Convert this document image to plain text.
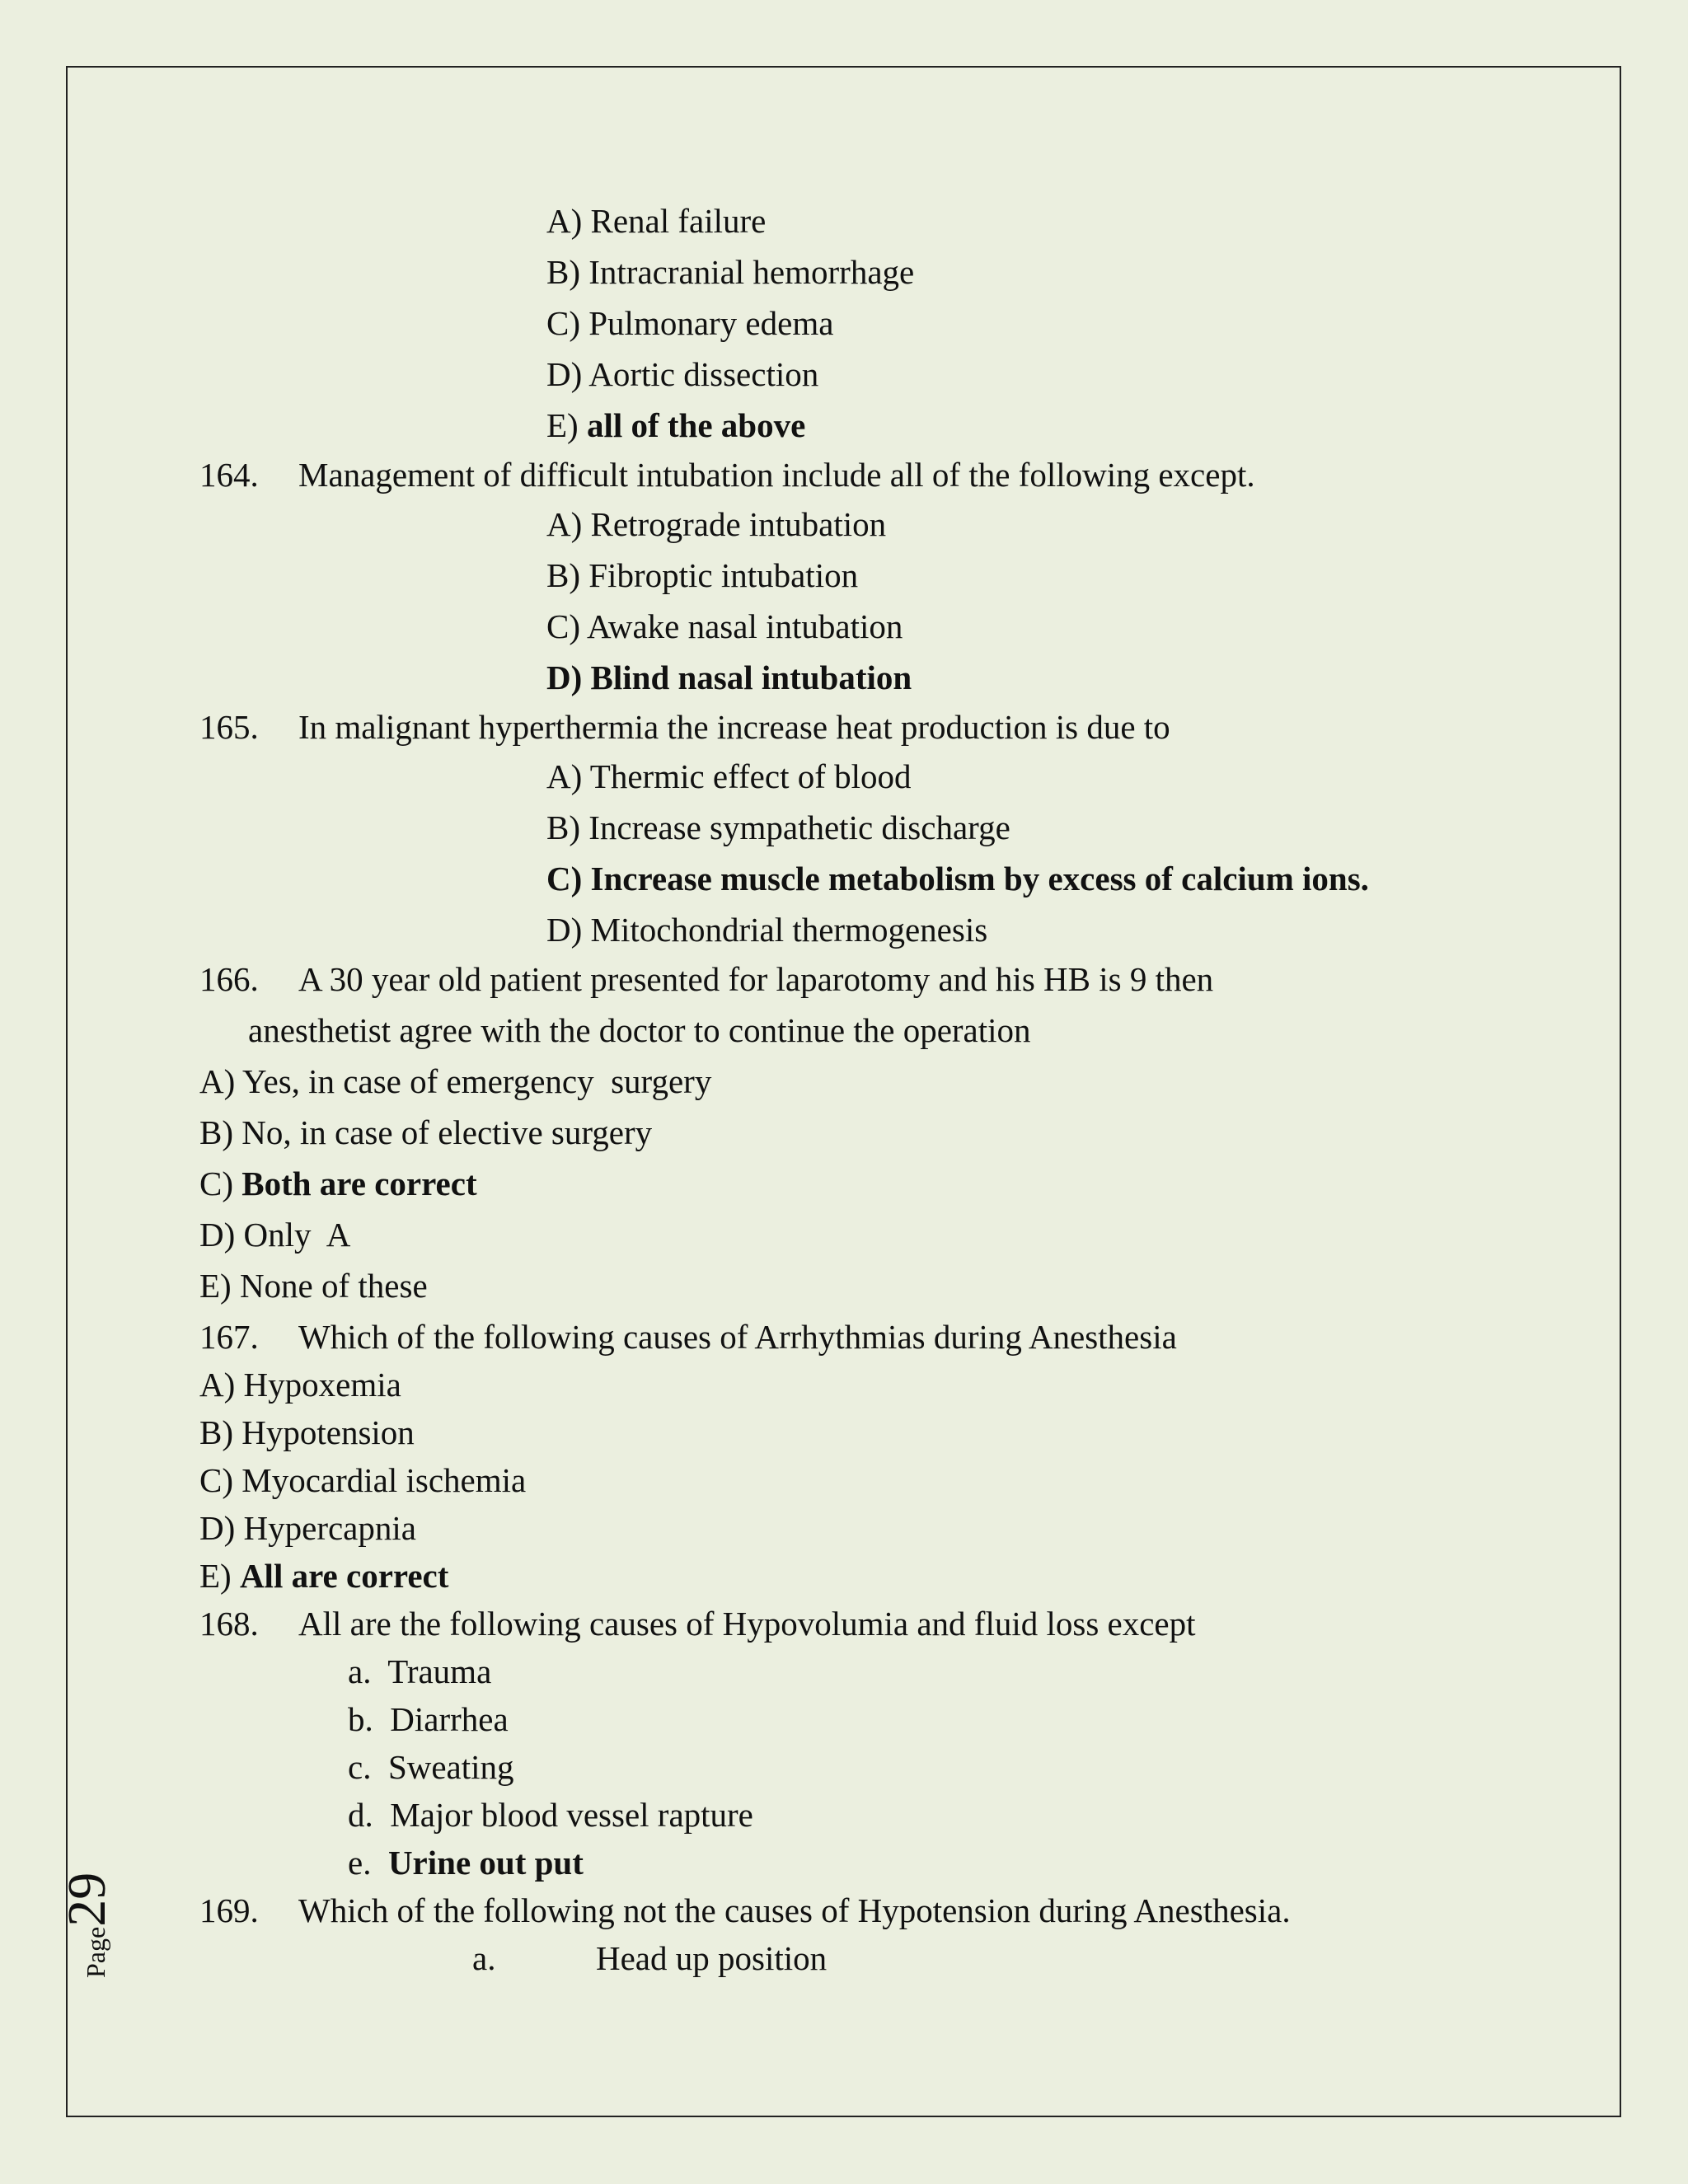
A) Renal failure
B) Intracranial hemorrhage
C) Pulmonary edema
D) Aortic dissection
E) all of the above
164. Management of difficult intubation include all of the following except.
A) Retrograde intubation
B) Fibroptic intubation
C) Awake nasal intubation
D) Blind nasal intubation
165. In malignant hyperthermia the increase heat production is due to
A) Thermic effect of blood
B) Increase sympathetic discharge
C) Increase muscle metabolism by excess of calcium ions.
D) Mitochondrial thermogenesis
166. A 30 year old patient presented for laparotomy and his HB is 9 then
anesthetist agree with the doctor to continue the operation
A) Yes, in case of emergency  surgery
B) No, in case of elective surgery
C) Both are correct
D) Only  A
E) None of these
167. Which of the following causes of Arrhythmias during Anesthesia
A) Hypoxemia
B) Hypotension
C) Myocardial ischemia
D) Hypercapnia
E) All are correct
168. All are the following causes of Hypovolumia and fluid loss except
a. Trauma
b. Diarrhea
c. Sweating
d. Major blood vessel rapture
e. Urine out put
169. Which of the following not the causes of Hypotension during Anesthesia.
a.	Head up position
Page29
